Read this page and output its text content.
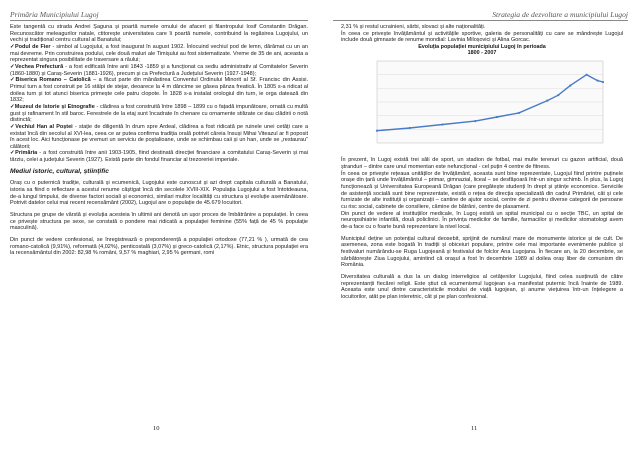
Primăria Municipiului Lugoj

Este tangentă cu strada Andrei Șaguna și poartă numele omului de afaceri și filantropului Iosif Constantin Drăgan. Recunoscător meleagurilor natale, ctitorește universitatea care îi poartă numele, contribuind la regăsirea Lugojului, un vechi și tradițional centru cultural al Banatului;

✓Podul de Fier - simbol al Lugojului, a fost inaugurat în august 1902. Înlocuind vechiul pod de lemn, dărâmat cu un an mai devreme. Prin construirea podului, cele două maluri ale Timișului au fost sistematizate. Vreme de 35 de ani, aceasta a reprezentat singura posibilitate de traversare a râului;

✓Vechea Prefectură - a fost edificată între anii 1843 -1859 și a funcționat ca sediu administrativ al Comitatelor Severin (1860-1880) și Caraș-Severin (1881-1926), precum și ca Prefectură a Județului Severin (1927-1948);

✓Biserica Romano – Catolică – a făcut parte din mănăstirea Conventul Ordinului Minorit al Sf. Francisc din Assisi. Primul turn a fost construit pe 16 stâlpi de stejar, deoarece la 4 m dâncime se găsea pânza freatică. În 1805 s-a ridicat al doilea turn și tot atunci biserica primește cele patru clopote. În 1828 s-a instalat orologiul din turn, ie orga datează din 1832;

✓Muzeul de Istorie și Etnografie - clădirea a fost construită între 1898 – 1899 cu o fațadă impunătoare, ornată cu multă gust și rafinament în stil baroc. Ferestrele de la etaj sunt încadrate în chenare cu ornamente stilizate ce dau clădirii o notă distinctă;

✓Vechiul Han al Poștei - stație de diligentă în drum spre Ardeal, clădirea a fost ridicată pe ruinele unei cetăți care a existat încă din secolul al XVI-lea, ceea ce ar putea confirma tradiția orală potrivit căreia însuși Mihai Viteazul ar fi poposit în acest loc. Aici funcționase pe vremuri un serviciu de poștalioane, unde se schimbau caii și un han, unde se „restaurau” călătorii;

✓Primăria - a fost construită între anii 1903-1905, fiind destinată direcției financiare a comitatului Caraș-Severin și mai târziu, celei a județului Severin (1927). Există parte din fondul financiar al trezoreriei imperiale.

Mediul istoric, cultural, științific

Oraș cu o puternică tradiție, culturală și ecumenică, Lugojului este cunoscut și azi drept capitala culturală a Banatului, istoria sa fiind o reflectare a acestui renume câștigat încă din secolele XVIII-XIX. Populația Lugojului a fost întotdeauna, de-a lungul timpului, de diverse factori sociali și economici, similari multor localități cu structura și evoluție asemănătoare. Potrivit datelor celui mai recent recensământ (2002), Lugojul are o populație de 45.679 locuitori.

Structura pe grupe de vârstă și evoluția acesteia în ultimii ani denotă un ușor proces de îmbătrânire a populației. În ceea ce privește structura pe sexe, se constată o pondere mai ridicată a populației feminine (55% față de 45 % populație masculină).

Din punct de vedere confesional, se înregistrează o preponderență a populației ortodoxe (77,21 % ), urmată de cea romano-catolică (9,91%), reformată (4,02%), penticostală (3,07%) și greco-catolică (2,17%). Etnic, structura populației era la recensământul din 2002: 82,98 % români, 9,57 % maghiari, 2,95 % germani, romi

10
Strategia de dezvoltare a municipiului Lugoj

2,31 % și restul ucrainieni, sârbi, slovaci și alte naționalități.

În ceea ce privește învățământul și activitățile sportive, galeria de personalități cu care se mândrește Lugojul include două gimnaste de renume mondial: Lavinia Miloșovici și Alina Gorcac.

Evoluția populației municipiului Lugoj în perioada
1800 - 2007

În prezent, în Lugoj există trei săli de sport, un stadion de fotbal, mai multe terenuri cu gazon artificial, două ștranduri – dintre care unul momentan este nefuncțional - cel puțin 4 centre de fitness.

În ceea ce privește rețeaua unităților de învățământ, aceasta sunt bine reprezentate, Lugojul fiind printre puținele orașe din țară unde învățământul – primar, gimnazial, liceal – se desfășoară într-un singur schimb. În plus, la Lugoj funcționează și Universitatea Europeană Drăgan (care pregătește studenți în drept și științe economice. Serviciile de asistență socială sunt bine reprezentate, există o rețea de direcția specializată din cadrul Primăriei, cât și cele furnizate de alte instituții și organizații – cantine de ajutor social, centre de zi pentru diverse categorii de persoane cu risc social, cabinete de consiliere, cămine de bătrâni, centre de plasament.

Din punct de vedere al instituțiilor medicale, în Lugoj există un spital municipal cu o secție TBC, un spital de neuropsihiatrie infantilă, două policlinici. În privința medicilor de familie, farmaciilor și medicilor stomatologi avem de-a face cu o foarte bună reprezentare la nivel local.

Municipiul deține un potențial cultural deosebit, sprijinit de numărul mare de monumente istorice și de cult. De asemenea, zona este bogată în tradiții și obiceiuri populare, printre cele mai importante evenimente publice și festivaluri numărându-se Ruga Lugojeană și festivalul de folclor Ana Lugojana. În fiecare an, la 20 decembrie, se sărbătorește Ziua Lugojului, amintind că orașul a fost în decembrie 1989 al doilea oraș liber de comunism din România.

Diversitatea culturală a dus la un dialog interreligios al cetățenilor Lugojului, fiind celea susținută de către reprezentanții fiecărei religii. Este știut că ecumenismul lugojean s-a manifestat puternic încă înainte de 1989. Aceasta este unul dintre caracteristicile modului de viață lugojean, și anume viețuirea într-un înțelegere a locuitorilor, atât pe plan interetnic, cât și pe plan confesional.

11
